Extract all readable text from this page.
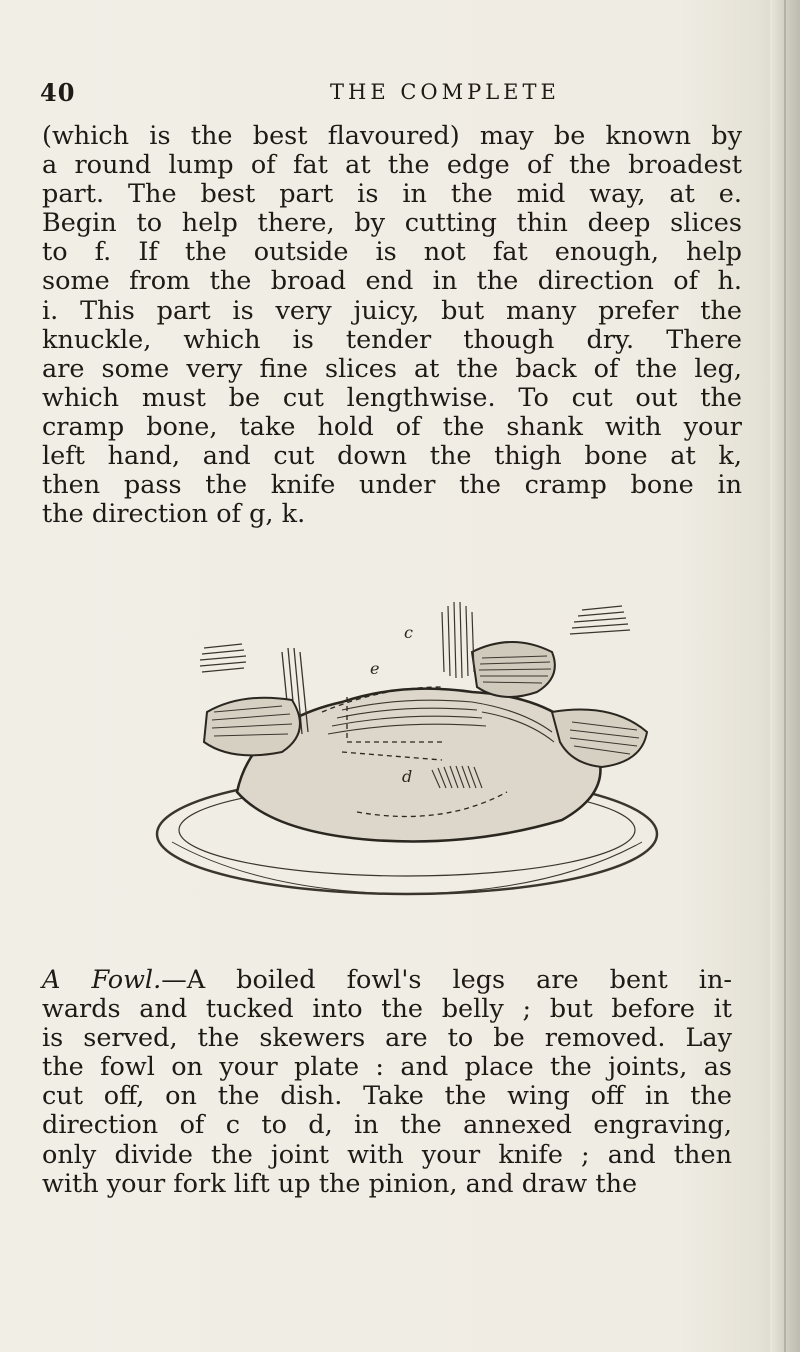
40	THE COMPLETE
(which is the best flavoured) may be known by
a round lump of fat at the edge of the broadest
part. The best part is in the mid way, at e.
Begin to help there, by cutting thin deep slices
to f. If the outside is not fat enough, help
some from the broad end in the direction of h.
i. This part is very juicy, but many prefer the
knuckle, which is tender though dry. There
are some very fine slices at the back of the leg,
which must be cut lengthwise. To cut out the
cramp bone, take hold of the shank with your
left hand, and cut down the thigh bone at k,
then pass the knife under the cramp bone in
the direction of g, k.
c
d
e
A Fowl.—A boiled fowl's legs are bent in-
wards and tucked into the belly ; but before it
is served, the skewers are to be removed. Lay
the fowl on your plate : and place the joints, as
cut off, on the dish. Take the wing off in the
direction of c to d, in the annexed engraving,
only divide the joint with your knife ; and then
with your fork lift up the pinion, and draw the
